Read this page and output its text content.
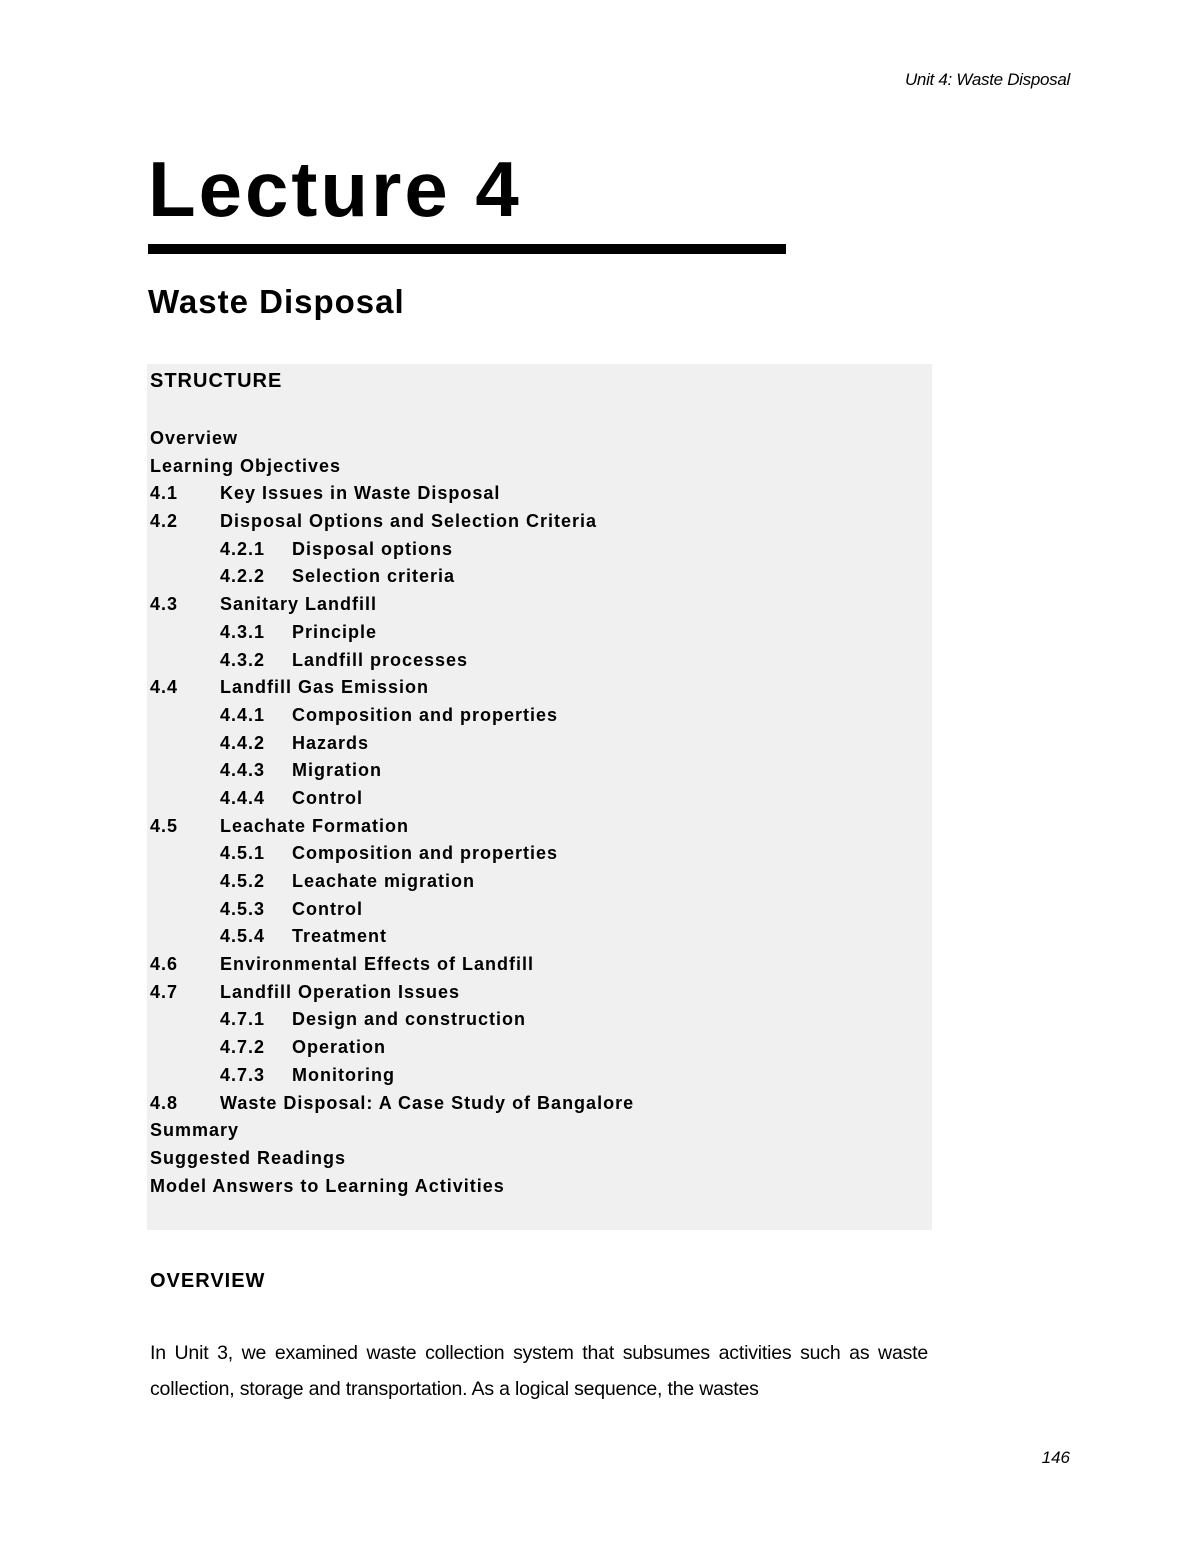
Unit 4: Waste Disposal
Lecture 4
Waste Disposal
STRUCTURE
Overview
Learning Objectives
4.1 Key Issues in Waste Disposal
4.2 Disposal Options and Selection Criteria
4.2.1 Disposal options
4.2.2 Selection criteria
4.3 Sanitary Landfill
4.3.1 Principle
4.3.2 Landfill processes
4.4 Landfill Gas Emission
4.4.1 Composition and properties
4.4.2 Hazards
4.4.3 Migration
4.4.4 Control
4.5 Leachate Formation
4.5.1 Composition and properties
4.5.2 Leachate migration
4.5.3 Control
4.5.4 Treatment
4.6 Environmental Effects of Landfill
4.7 Landfill Operation Issues
4.7.1 Design and construction
4.7.2 Operation
4.7.3 Monitoring
4.8 Waste Disposal: A Case Study of Bangalore
Summary
Suggested Readings
Model Answers to Learning Activities
OVERVIEW

In Unit 3, we examined waste collection system that subsumes activities such as waste collection, storage and transportation. As a logical sequence, the wastes

146
